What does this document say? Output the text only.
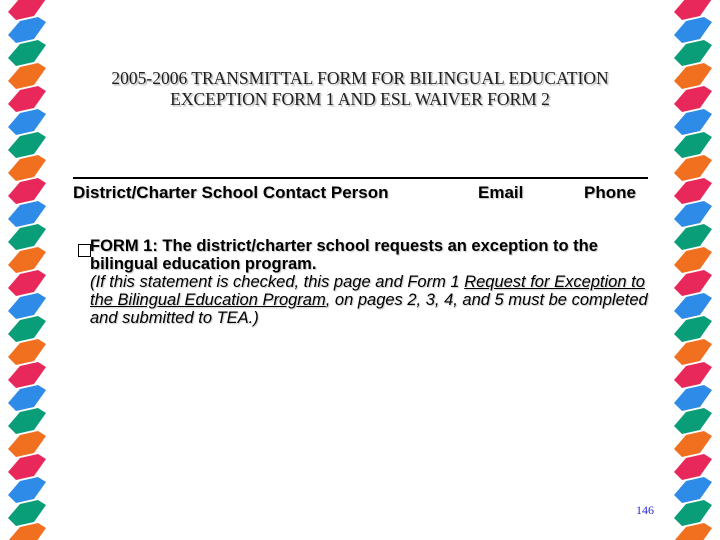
2005-2006 TRANSMITTAL FORM FOR BILINGUAL EDUCATION
EXCEPTION FORM 1 AND ESL WAIVER FORM 2
District/Charter School Contact Person	Email	Phone
FORM 1: The district/charter school requests an exception to the bilingual education program.
(If this statement is checked, this page and Form 1 Request for Exception to the Bilingual Education Program, on pages 2, 3, 4, and 5 must be completed and submitted to TEA.)
146
